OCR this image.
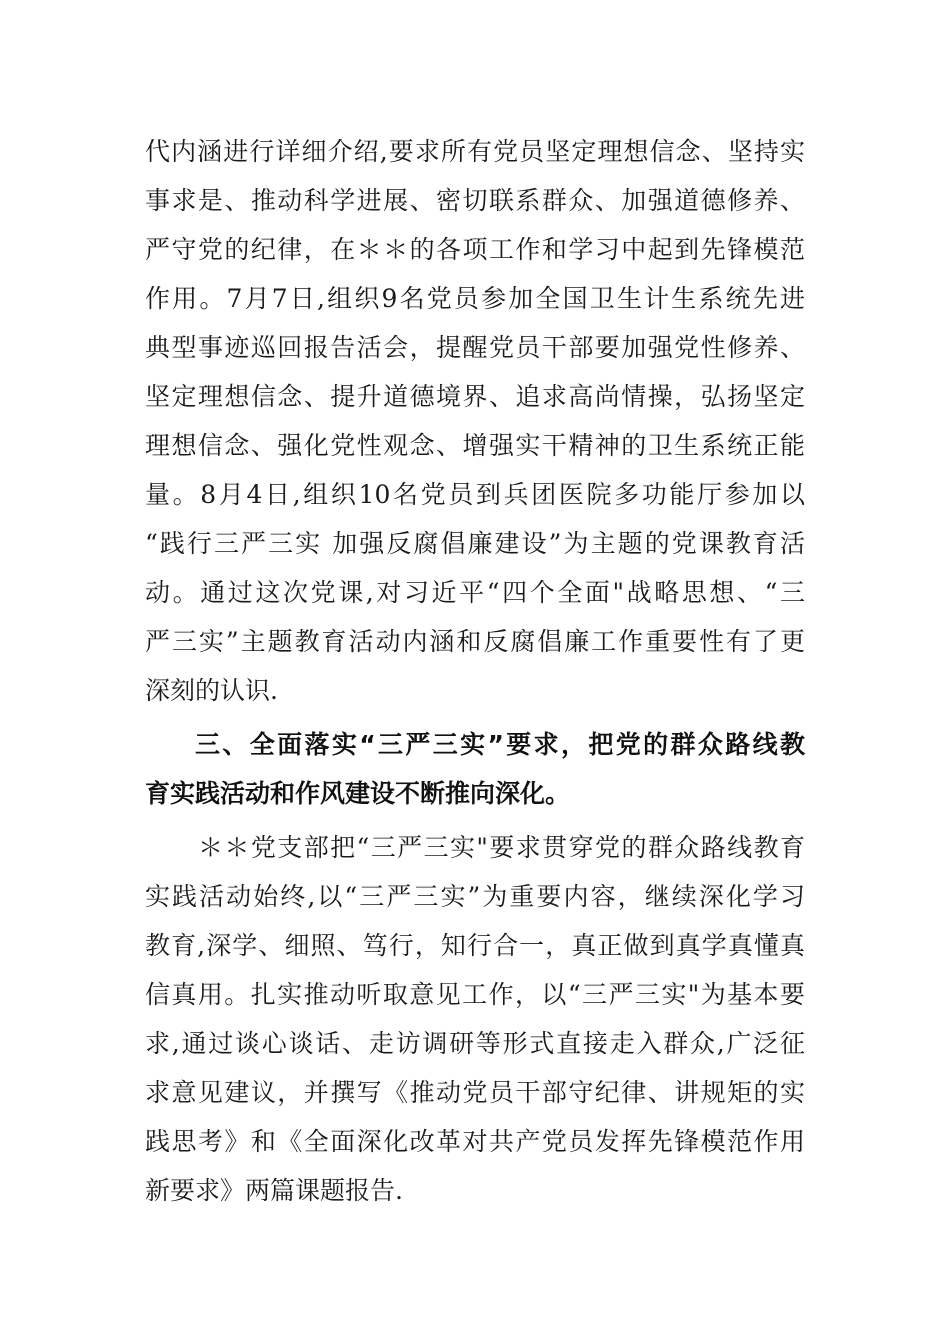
代内涵进行详细介绍,要求所有党员坚定理想信念、坚持实
事求是、推动科学进展、密切联系群众、加强道德修养、
严守党的纪律，在＊＊的各项工作和学习中起到先锋模范
作用。7月7日,组织9名党员参加全国卫生计生系统先进
典型事迹巡回报告活会，提醒党员干部要加强党性修养、
坚定理想信念、提升道德境界、追求高尚情操，弘扬坚定
理想信念、强化党性观念、增强实干精神的卫生系统正能
量。8月4日,组织10名党员到兵团医院多功能厅参加以
“践行三严三实 加强反腐倡廉建设”为主题的党课教育活
动。通过这次党课,对习近平“四个全面"战略思想、“三
严三实”主题教育活动内涵和反腐倡廉工作重要性有了更
深刻的认识.
三、全面落实“三严三实”要求，把党的群众路线教
育实践活动和作风建设不断推向深化。
＊＊党支部把“三严三实"要求贯穿党的群众路线教育
实践活动始终,以“三严三实”为重要内容，继续深化学习
教育,深学、细照、笃行，知行合一，真正做到真学真懂真
信真用。扎实推动听取意见工作，以“三严三实"为基本要
求,通过谈心谈话、走访调研等形式直接走入群众,广泛征
求意见建议，并撰写《推动党员干部守纪律、讲规矩的实
践思考》和《全面深化改革对共产党员发挥先锋模范作用
新要求》两篇课题报告.
